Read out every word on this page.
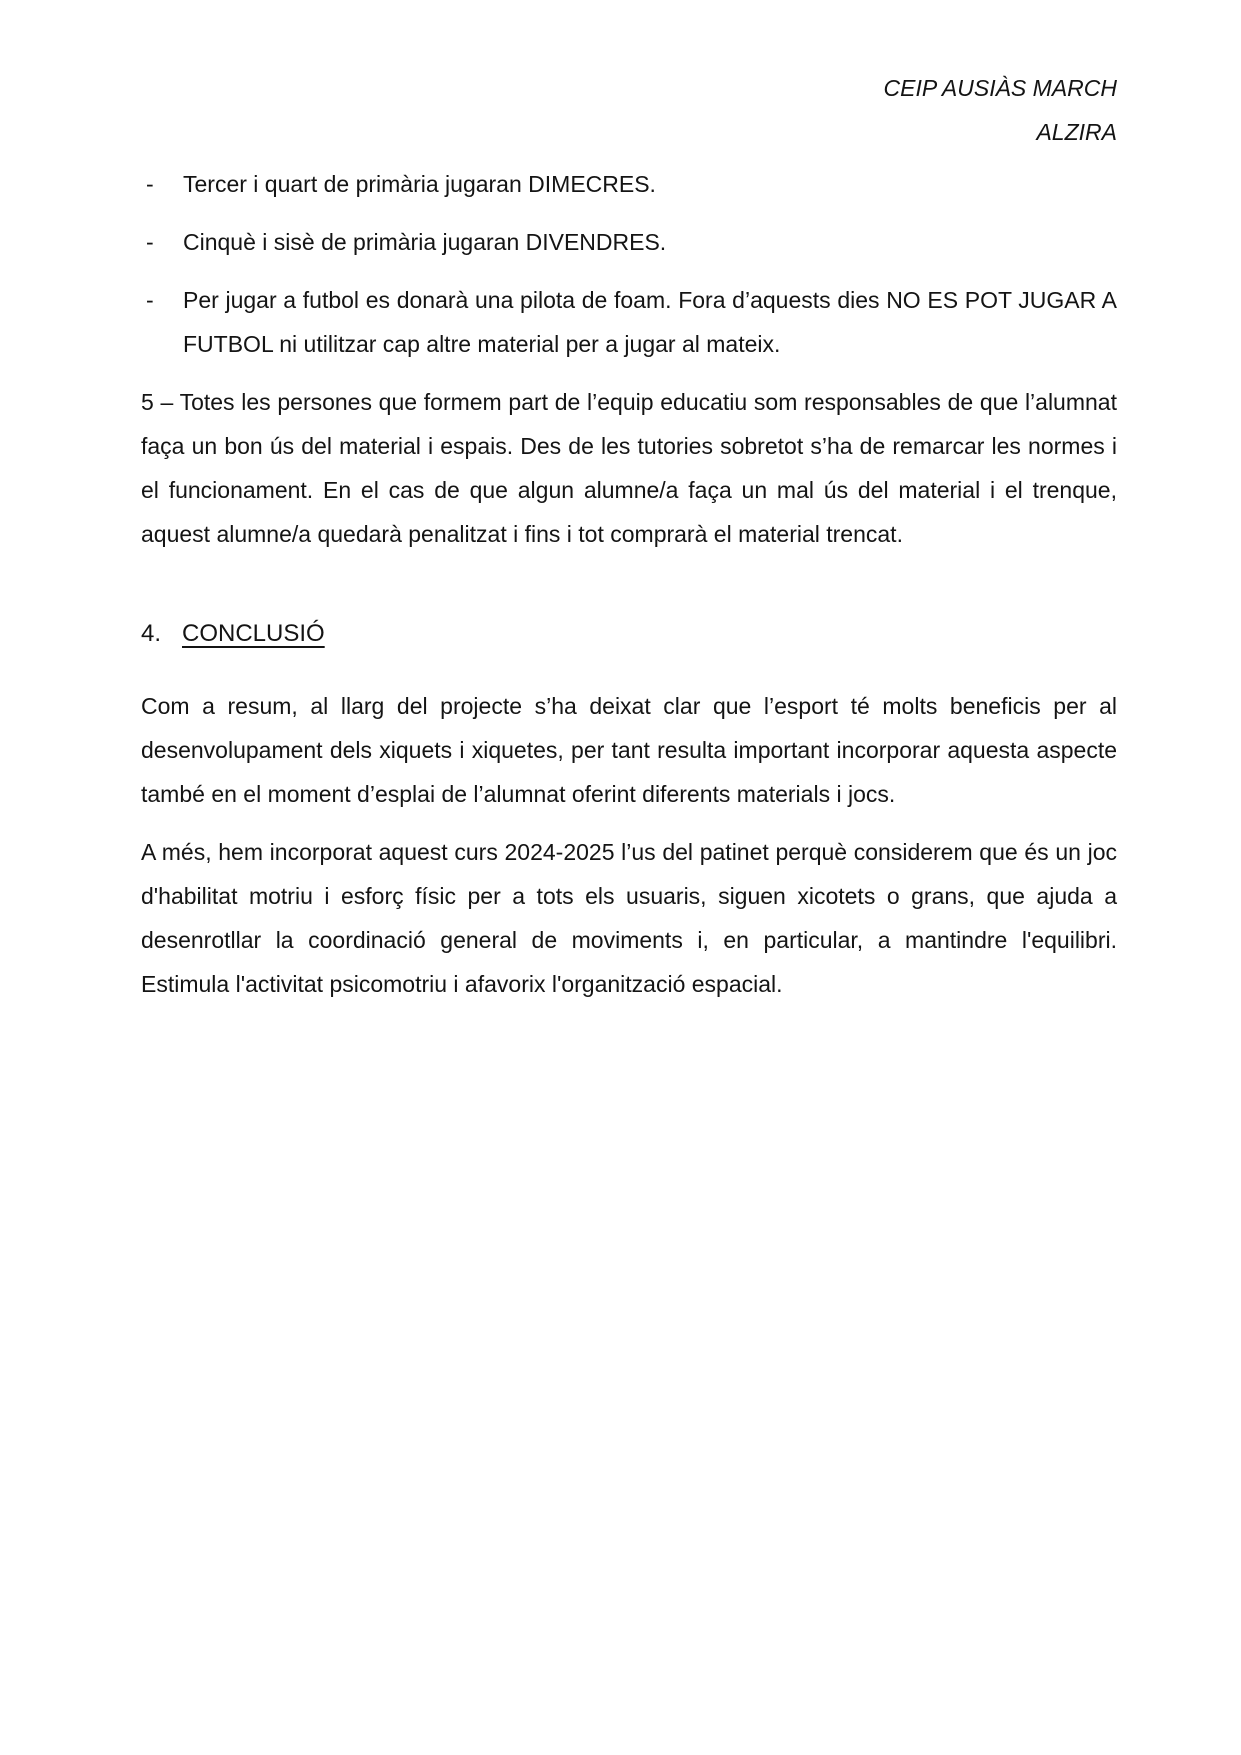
CEIP AUSIÀS MARCH
ALZIRA
-	Tercer i quart de primària jugaran DIMECRES.
-	Cinquè i sisè de primària jugaran DIVENDRES.
-	Per jugar a futbol es donarà una pilota de foam. Fora d’aquests dies NO ES POT JUGAR A FUTBOL ni utilitzar cap altre material per a jugar al mateix.

5 – Totes les persones que formem part de l’equip educatiu som responsables de que l’alumnat faça un bon ús del material i espais. Des de les tutories sobretot s’ha de remarcar les normes i el funcionament. En el cas de que algun alumne/a faça un mal ús del material i el trenque, aquest alumne/a quedarà penalitzat i fins i tot comprarà el material trencat.

4. CONCLUSIÓ

Com a resum, al llarg del projecte s’ha deixat clar que l’esport té molts beneficis per al desenvolupament dels xiquets i xiquetes, per tant resulta important incorporar aquesta aspecte també en el moment d’esplai de l’alumnat oferint diferents materials i jocs.

A més, hem incorporat aquest curs 2024-2025 l’us del patinet perquè considerem que és un joc d'habilitat motriu i esforç físic per a tots els usuaris, siguen xicotets o grans, que ajuda a desenrotllar la coordinació general de moviments i, en particular, a mantindre l'equilibri. Estimula l'activitat psicomotriu i afavorix l'organització espacial.
